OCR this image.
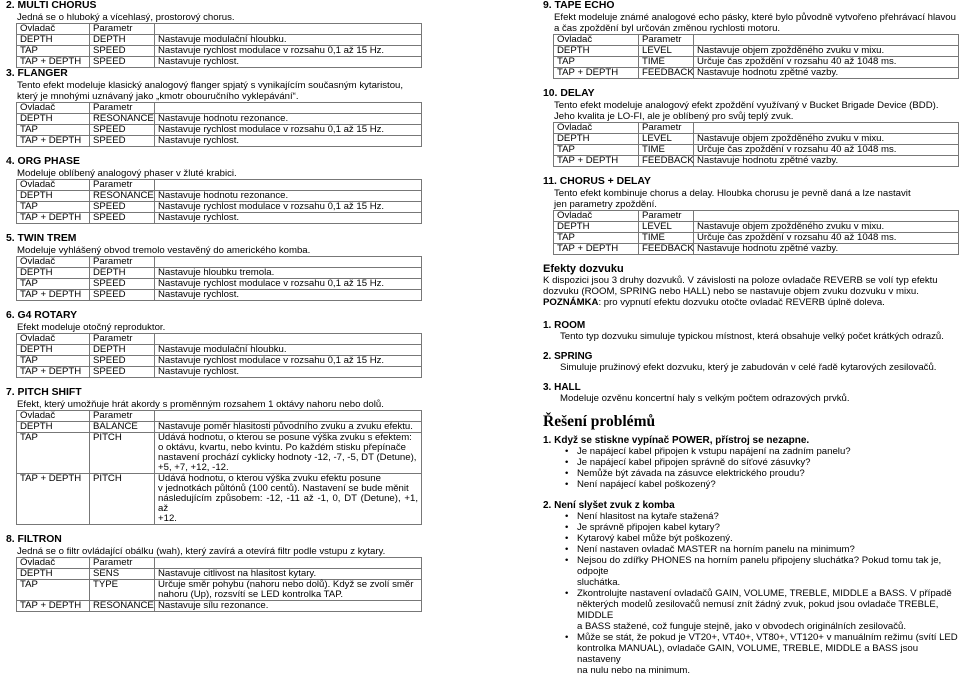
2. MULTI CHORUS
Jedná se o hluboký a vícehlasý, prostorový chorus.
Ovladač	Parametr	
DEPTH	DEPTH	Nastavuje modulační hloubku.
TAP	SPEED	Nastavuje rychlost modulace v rozsahu 0,1 až 15 Hz.
TAP + DEPTH	SPEED	Nastavuje rychlost.
3. FLANGER
Tento efekt modeluje klasický analogový flanger spjatý s vynikajícím současným kytaristou,
který je mnohými uznávaný jako „kmotr obouručního vyklepávání“.
Ovladač	Parametr	
DEPTH	RESONANCE	Nastavuje hodnotu rezonance.
TAP	SPEED	Nastavuje rychlost modulace v rozsahu 0,1 až 15 Hz.
TAP + DEPTH	SPEED	Nastavuje rychlost.
4. ORG PHASE
Modeluje oblíbený analogový phaser v žluté krabici.
Ovladač	Parametr	
DEPTH	RESONANCE	Nastavuje hodnotu rezonance.
TAP	SPEED	Nastavuje rychlost modulace v rozsahu 0,1 až 15 Hz.
TAP + DEPTH	SPEED	Nastavuje rychlost.
5. TWIN TREM
Modeluje vyhlášený obvod tremolo vestavěný do amerického komba.
Ovladač	Parametr	
DEPTH	DEPTH	Nastavuje hloubku tremola.
TAP	SPEED	Nastavuje rychlost modulace v rozsahu 0,1 až 15 Hz.
TAP + DEPTH	SPEED	Nastavuje rychlost.
6. G4 ROTARY
Efekt modeluje otočný reproduktor.
Ovladač	Parametr	
DEPTH	DEPTH	Nastavuje modulační hloubku.
TAP	SPEED	Nastavuje rychlost modulace v rozsahu 0,1 až 15 Hz.
TAP + DEPTH	SPEED	Nastavuje rychlost.
7. PITCH SHIFT
Efekt, který umožňuje hrát akordy s proměnným rozsahem 1 oktávy nahoru nebo dolů.
Ovladač	Parametr	
DEPTH	BALANCE	Nastavuje poměr hlasitosti původního zvuku a zvuku efektu.
TAP	PITCH	Udává hodnotu, o kterou se posune výška zvuku s efektem:
o oktávu, kvartu, nebo kvintu. Po každém stisku přepínače
nastavení prochází cyklicky hodnoty -12, -7, -5, DT (Detune),
+5, +7, +12, -12.

TAP + DEPTH	PITCH	Udává hodnotu, o kterou výška zvuku efektu posune
v jednotkách půltónů (100 centů). Nastavení se bude měnit
následujícím způsobem: -12, -11 až -1, 0, DT (Detune), +1, až
+12.
8. FILTRON
Jedná se o filtr ovládající obálku (wah), který zavírá a otevírá filtr podle vstupu z kytary.
Ovladač	Parametr	
DEPTH	SENS	Nastavuje citlivost na hlasitost kytary.
TAP	TYPE	Určuje směr pohybu (nahoru nebo dolů). Když se zvolí směr
nahoru (Up), rozsvítí se LED kontrolka TAP.

TAP + DEPTH	RESONANCE	Nastavuje sílu rezonance.
9. TAPE ECHO
Efekt modeluje známé analogové echo pásky, které bylo původně vytvořeno přehrávací hlavou
a čas zpoždění byl určován změnou rychlosti motoru.
Ovladač	Parametr	
DEPTH	LEVEL	Nastavuje objem zpožděného zvuku v mixu.
TAP	TIME	Určuje čas zpoždění v rozsahu 40 až 1048 ms.
TAP + DEPTH	FEEDBACK	Nastavuje hodnotu zpětné vazby.
10. DELAY
Tento efekt modeluje analogový efekt zpoždění využívaný v Bucket Brigade Device (BDD).
Jeho kvalita je LO-FI, ale je oblíbený pro svůj teplý zvuk.
Ovladač	Parametr	
DEPTH	LEVEL	Nastavuje objem zpožděného zvuku v mixu.
TAP	TIME	Určuje čas zpoždění v rozsahu 40 až 1048 ms.
TAP + DEPTH	FEEDBACK	Nastavuje hodnotu zpětné vazby.
11. CHORUS + DELAY
Tento efekt kombinuje chorus a delay. Hloubka chorusu je pevně daná a lze nastavit
jen parametry zpoždění.
Ovladač	Parametr	
DEPTH	LEVEL	Nastavuje objem zpožděného zvuku v mixu.
TAP	TIME	Určuje čas zpoždění v rozsahu 40 až 1048 ms.
TAP + DEPTH	FEEDBACK	Nastavuje hodnotu zpětné vazby.
Efekty dozvuku
K dispozici jsou 3 druhy dozvuků. V závislosti na poloze ovladače REVERB se volí typ efektu
dozvuku (ROOM, SPRING nebo HALL) nebo se nastavuje objem zvuku dozvuku v mixu.
POZNÁMKA: pro vypnutí efektu dozvuku otočte ovladač REVERB úplně doleva.
1. ROOM
Tento typ dozvuku simuluje typickou místnost, která obsahuje velký počet krátkých odrazů.
2. SPRING
Simuluje pružinový efekt dozvuku, který je zabudován v celé řadě kytarových zesilovačů.
3. HALL
Modeluje ozvěnu koncertní haly s velkým počtem odrazových prvků.
Řešení problémů
1. Když se stiskne vypínač POWER, přístroj se nezapne.
• Je napájecí kabel připojen k vstupu napájení na zadním panelu?
• Je napájecí kabel připojen správně do síťové zásuvky?
• Nemůže být závada na zásuvce elektrického proudu?
• Není napájecí kabel poškozený?
2. Není slyšet zvuk z komba
• Není hlasitost na kytaře stažená?
• Je správně připojen kabel kytary?
• Kytarový kabel může být poškozený.
• Není nastaven ovladač MASTER na horním panelu na minimum?
• Nejsou do zdířky PHONES na horním panelu připojeny sluchátka? Pokud tomu tak je, odpojte
sluchátka.
• Zkontrolujte nastavení ovladačů GAIN, VOLUME, TREBLE, MIDDLE a BASS. V případě
některých modelů zesilovačů nemusí znít žádný zvuk, pokud jsou ovladače TREBLE, MIDDLE
a BASS stažené, což funguje stejně, jako v obvodech originálních zesilovačů.
• Může se stát, že pokud je VT20+, VT40+, VT80+, VT120+ v manuálním režimu (svítí LED
kontrolka MANUAL), ovladače GAIN, VOLUME, TREBLE, MIDDLE a BASS jsou nastaveny
na nulu nebo na minimum.
